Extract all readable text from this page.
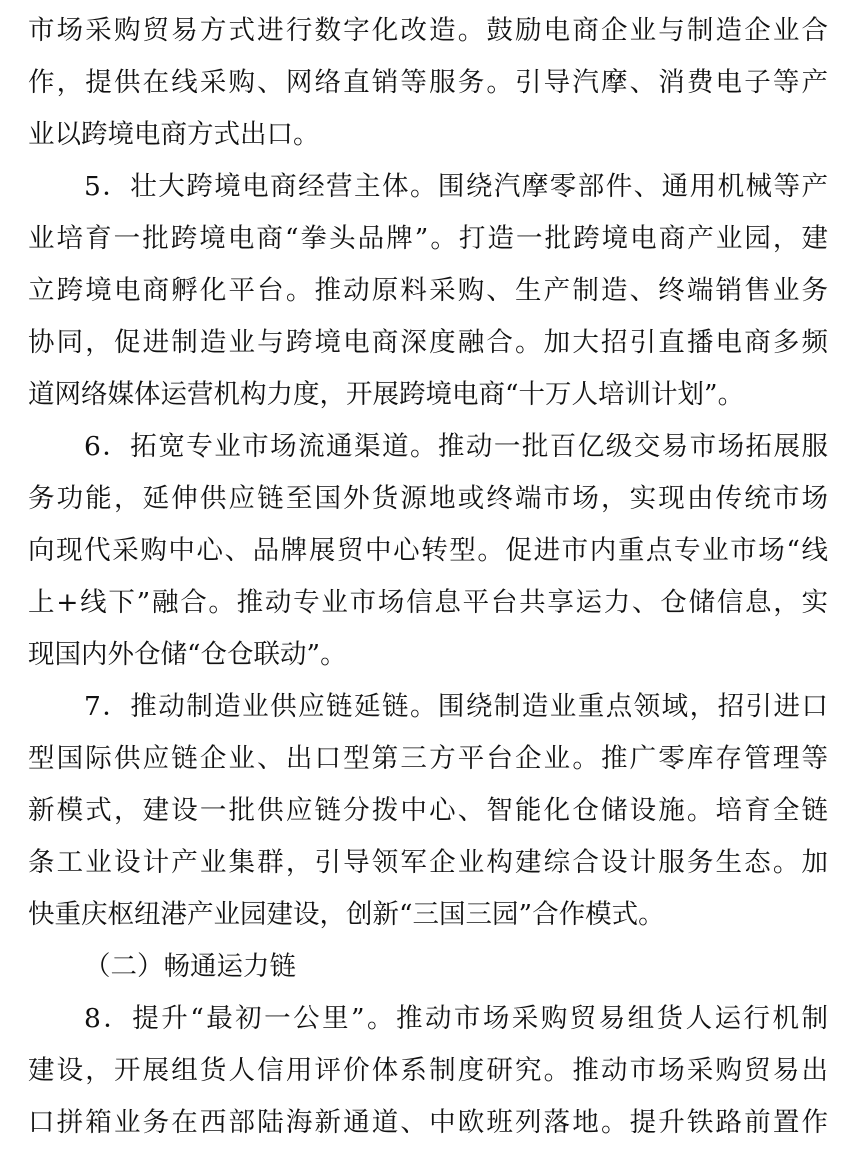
市场采购贸易方式进行数字化改造。鼓励电商企业与制造企业合
作，提供在线采购、网络直销等服务。引导汽摩、消费电子等产
业以跨境电商方式出口。
5．壮大跨境电商经营主体。围绕汽摩零部件、通用机械等产
业培育一批跨境电商“拳头品牌”。打造一批跨境电商产业园，建
立跨境电商孵化平台。推动原料采购、生产制造、终端销售业务
协同，促进制造业与跨境电商深度融合。加大招引直播电商多频
道网络媒体运营机构力度，开展跨境电商“十万人培训计划”。
6．拓宽专业市场流通渠道。推动一批百亿级交易市场拓展服
务功能，延伸供应链至国外货源地或终端市场，实现由传统市场
向现代采购中心、品牌展贸中心转型。促进市内重点专业市场“线
上+线下”融合。推动专业市场信息平台共享运力、仓储信息，实
现国内外仓储“仓仓联动”。
7．推动制造业供应链延链。围绕制造业重点领域，招引进口
型国际供应链企业、出口型第三方平台企业。推广零库存管理等
新模式，建设一批供应链分拨中心、智能化仓储设施。培育全链
条工业设计产业集群，引导领军企业构建综合设计服务生态。加
快重庆枢纽港产业园建设，创新“三国三园”合作模式。
（二）畅通运力链
8．提升“最初一公里”。推动市场采购贸易组货人运行机制
建设，开展组货人信用评价体系制度研究。推动市场采购贸易出
口拼箱业务在西部陆海新通道、中欧班列落地。提升铁路前置作
